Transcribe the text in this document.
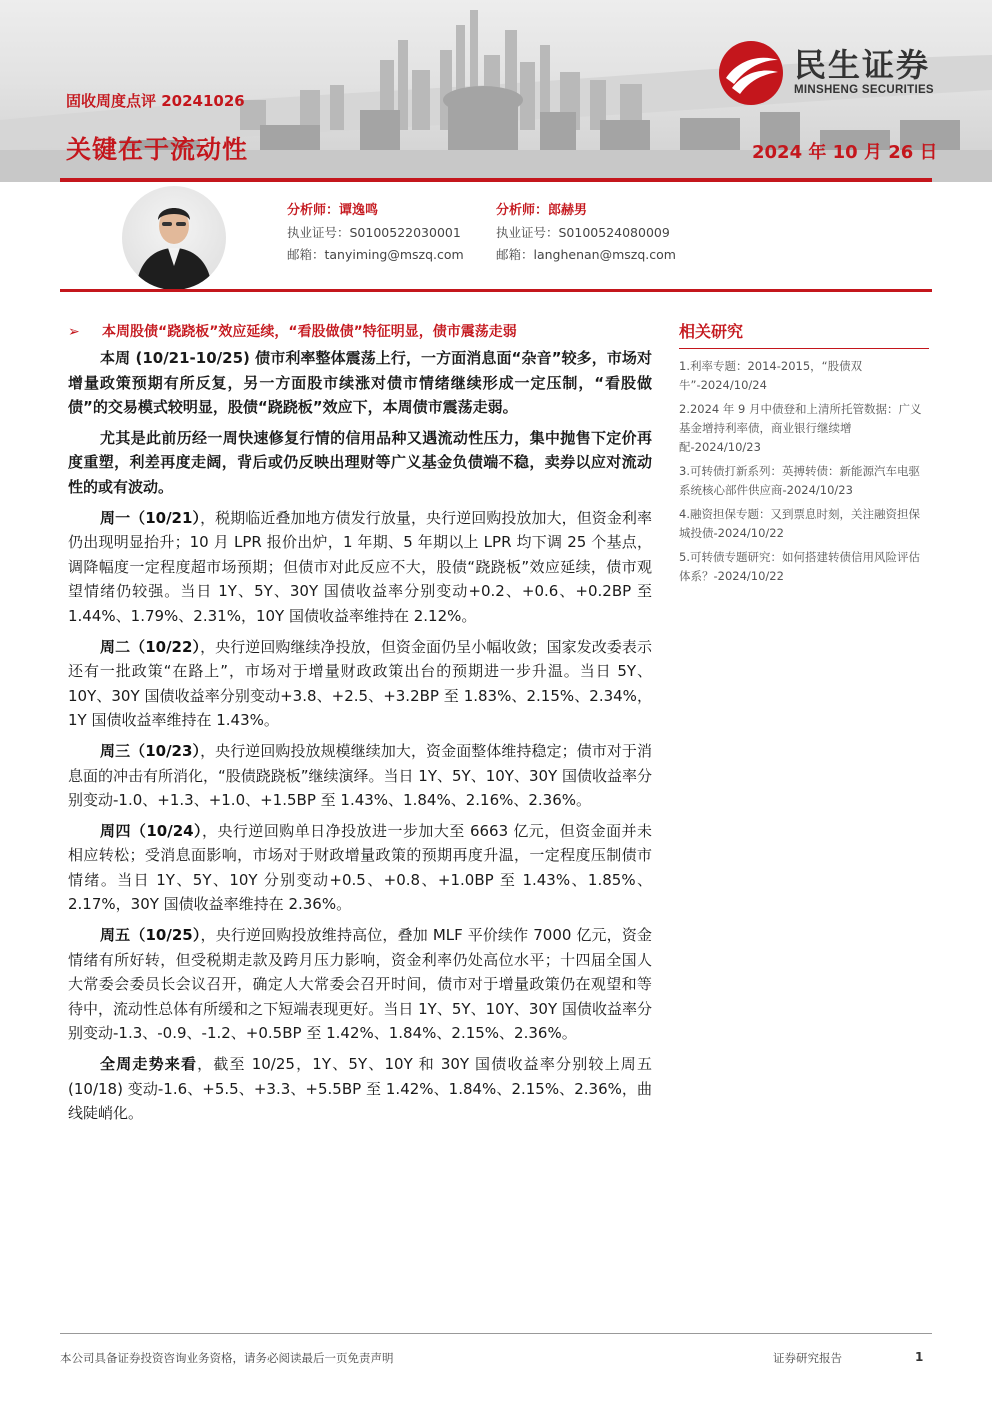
固收周度点评 20241026
关键在于流动性	2024 年 10 月 26 日
民生证券
MINSHENG SECURITIES
分析师：谭逸鸣
执业证号：S0100522030001
邮箱：tanyiming@mszq.com
分析师：郎赫男
执业证号：S0100524080009
邮箱：langhenan@mszq.com
➢ 本周股债“跷跷板”效应延续，“看股做债”特征明显，债市震荡走弱

本周 (10/21-10/25) 债市利率整体震荡上行，一方面消息面“杂音”较多，市场对增量政策预期有所反复，另一方面股市续涨对债市情绪继续形成一定压制，“看股做债”的交易模式较明显，股债“跷跷板”效应下，本周债市震荡走弱。

尤其是此前历经一周快速修复行情的信用品种又遇流动性压力，集中抛售下定价再度重塑，利差再度走阔，背后或仍反映出理财等广义基金负债端不稳，卖券以应对流动性的或有波动。

周一（10/21），税期临近叠加地方债发行放量，央行逆回购投放加大，但资金利率仍出现明显抬升；10 月 LPR 报价出炉，1 年期、5 年期以上 LPR 均下调 25 个基点，调降幅度一定程度超市场预期；但债市对此反应不大，股债“跷跷板”效应延续，债市观望情绪仍较强。当日 1Y、5Y、30Y 国债收益率分别变动+0.2、+0.6、+0.2BP 至 1.44%、1.79%、2.31%，10Y 国债收益率维持在 2.12%。

周二（10/22），央行逆回购继续净投放，但资金面仍呈小幅收敛；国家发改委表示还有一批政策“在路上”，市场对于增量财政政策出台的预期进一步升温。当日 5Y、10Y、30Y 国债收益率分别变动+3.8、+2.5、+3.2BP 至 1.83%、2.15%、2.34%，1Y 国债收益率维持在 1.43%。

周三（10/23），央行逆回购投放规模继续加大，资金面整体维持稳定；债市对于消息面的冲击有所消化，“股债跷跷板”继续演绎。当日 1Y、5Y、10Y、30Y 国债收益率分别变动-1.0、+1.3、+1.0、+1.5BP 至 1.43%、1.84%、2.16%、2.36%。

周四（10/24），央行逆回购单日净投放进一步加大至 6663 亿元，但资金面并未相应转松；受消息面影响，市场对于财政增量政策的预期再度升温，一定程度压制债市情绪。当日 1Y、5Y、10Y 分别变动+0.5、+0.8、+1.0BP 至 1.43%、1.85%、2.17%，30Y 国债收益率维持在 2.36%。

周五（10/25），央行逆回购投放维持高位，叠加 MLF 平价续作 7000 亿元，资金情绪有所好转，但受税期走款及跨月压力影响，资金利率仍处高位水平；十四届全国人大常委会委员长会议召开，确定人大常委会召开时间，债市对于增量政策仍在观望和等待中，流动性总体有所缓和之下短端表现更好。当日 1Y、5Y、10Y、30Y 国债收益率分别变动-1.3、-0.9、-1.2、+0.5BP 至 1.42%、1.84%、2.15%、2.36%。

全周走势来看，截至 10/25，1Y、5Y、10Y 和 30Y 国债收益率分别较上周五 (10/18) 变动-1.6、+5.5、+3.3、+5.5BP 至 1.42%、1.84%、2.15%、2.36%，曲线陡峭化。

相关研究
1.利率专题：2014-2015，“股债双牛”-2024/10/24
2.2024 年 9 月中债登和上清所托管数据：广义基金增持利率债，商业银行继续增配-2024/10/23
3.可转债打新系列：英搏转债：新能源汽车电驱系统核心部件供应商-2024/10/23
4.融资担保专题：又到票息时刻，关注融资担保城投债-2024/10/22
5.可转债专题研究：如何搭建转债信用风险评估体系？-2024/10/22
本公司具备证券投资咨询业务资格，请务必阅读最后一页免责声明	证券研究报告	1
